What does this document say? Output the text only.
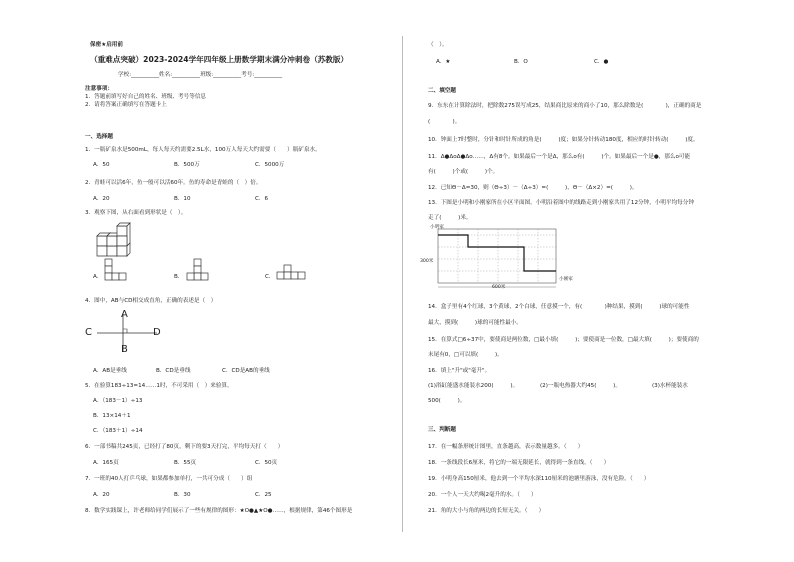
保密★启用前
（重难点突破）2023-2024学年四年级上册数学期末满分冲刺卷（苏教版）
学校:__________姓名:__________班级:__________考号:__________
注意事项：
1．答题前填写好自己的姓名、班级、考号等信息
2．请将答案正确填写在答题卡上
一、选择题
1．一瓶矿泉水是500mL，每人每天约需要2.5L水，100万人每天大约需要（　　）瓶矿泉水。
A．50	B．500万	C．5000万
2．青蛙可以活6年，鱼一般可以活60年。鱼的寿命是青蛙的（　）倍。
A．20	B．10	C．6
3．观察下图，从右面看到形状是（　）。
A．	B．	C．
4．图中，AB与CD相交成直角，正确的表述是（　）
A
B
C	D
A．AB是垂线	B．CD是垂线	C．CD是AB的垂线
5．在验算183÷13=14……1时，不可采用（　）来验算。
A．（183－1）÷13
B．13×14＋1
C．（183＋1）÷14
6．一部书稿共245页，已经打了80页，剩下的要3天打完，平均每天打（　　）
A．165页	B．55页	C．50页
7．一班的40人打乒乓球，如果都参加单打，一共可分成（　　）组
A．20	B．30	C．25
8．数学实践课上，许老师给同学们展示了一些有规律的图形：★O●▲★O●……，根据规律，第46个图形是
（　）。
A．★	B．O	C．●
二、填空题
9．东东在计算除法时，把除数275误写成25，结果商比原来的商小了10，那么除数是(　　　　)，正确的商是
(　　　　)。
10．钟面上7时整时，分针和时针所成的角是(　　　)度；如果分针转动180度，相应的时针转动(　　　)度。
11．Δ●ΔoΔ●Δo……，Δ有8个。如果最后一个是Δ，那么o有(　　　)个。如果最后一个是●，那么o可能
有(　　　)个或(　　　)个。
12．已知Θ－Δ=30，则（Θ÷3）－（Δ÷3）=(　　　)，Θ－（Δ×2）=(　　　)。
13．下图是小明和小刚家所在小区平面图。小明沿着图中的线路走到小刚家共用了12分钟，小明平均每分钟
走了(　　　)米。
小明家
小刚家
600米
300米
14．盒子里有4个红球，3个黄球，2个白球，任意摸一个，有(　　　　)种结果，摸到(　　　)球的可能性
最大，摸到(　　　)球的可能性最小。
15．在算式□6÷37中，要使商是两位数，□最小填(　　　)；要使商是一位数，□最大填(　　　)；要使商的
末尾有0，□可以填(　　　)。
16．填上"升"或"毫升"。
(1)浴缸能盛水能装水200(　　　)。	(2)一瓶电热器大约45(　　　)。	(3)水杯能装水
500(　　　)。
三、判断题
17．在一幅条形统计图里，直条越高，表示数量越多。（　　）
18．一条线段长6厘米，将它的一端无限延长，就得到一条直线。（　　）
19．小明身高150厘米，他去到一个平均水深110厘米的池塘里游泳，没有危险。（　　）
20．一个人一天大约喝2毫升的水。（　　）
21．角的大小与角的两边的长短无关。（　　）
